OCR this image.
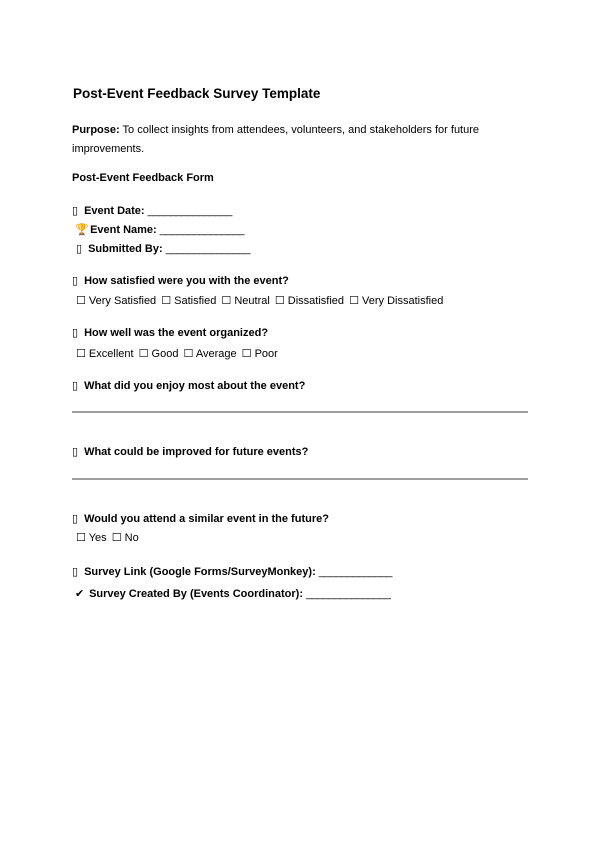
Post-Event Feedback Survey Template
Purpose: To collect insights from attendees, volunteers, and stakeholders for future improvements.
Post-Event Feedback Form
▯ Event Date: _______________
🏆 Event Name: _______________
▯ Submitted By: _______________
▯ How satisfied were you with the event?
☐ Very Satisfied ☐ Satisfied ☐ Neutral ☐ Dissatisfied ☐ Very Dissatisfied
▯ How well was the event organized?
☐ Excellent ☐ Good ☐ Average ☐ Poor
▯ What did you enjoy most about the event?
▯ What could be improved for future events?
▯ Would you attend a similar event in the future?
☐ Yes ☐ No
▯ Survey Link (Google Forms/SurveyMonkey): _____________
✔ Survey Created By (Events Coordinator): _______________
